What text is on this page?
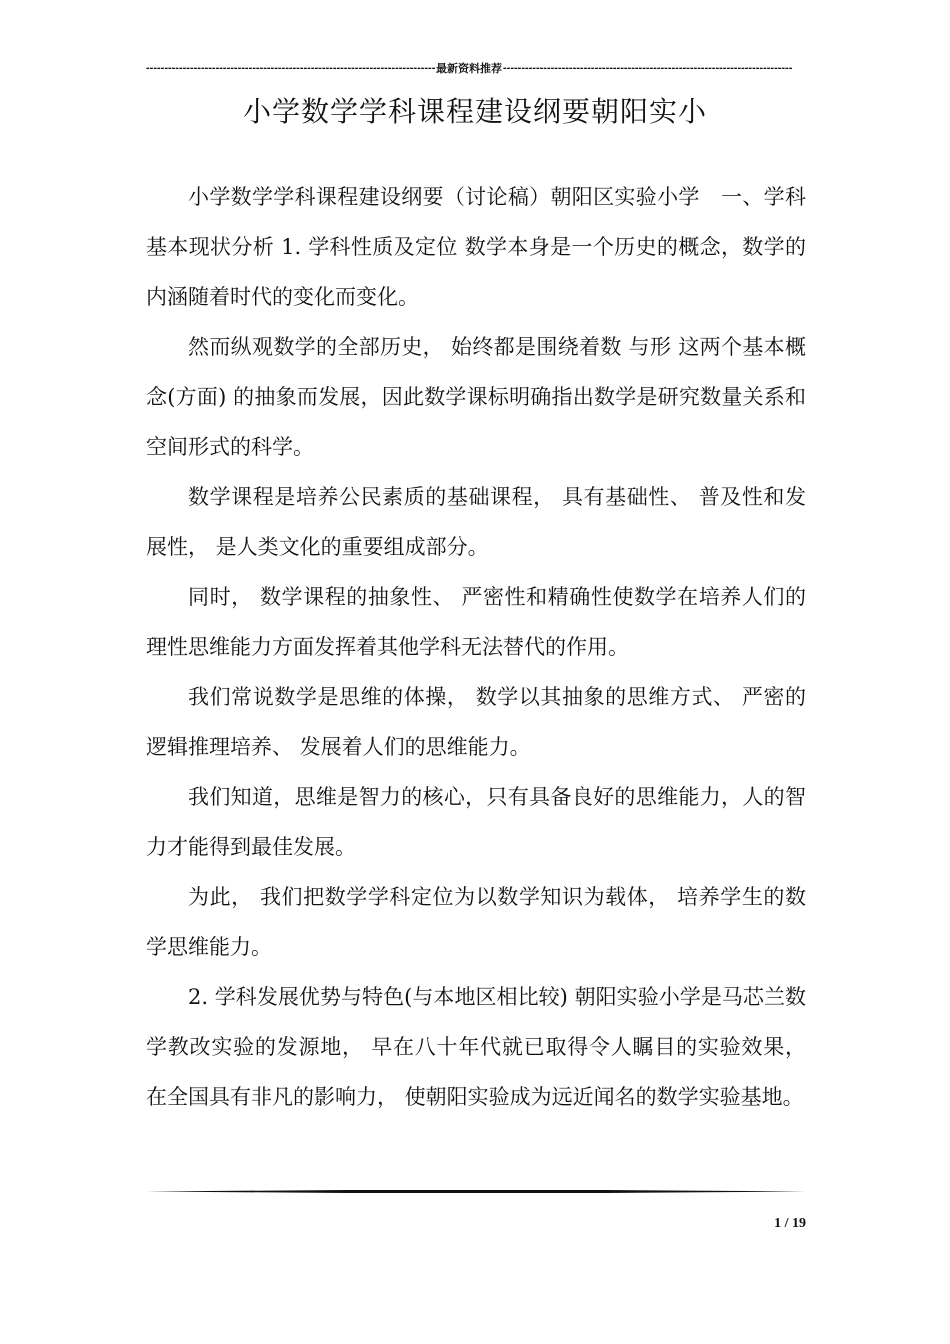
-----
最新资料推荐
-----
小学数学学科课程建设纲要朝阳实小

小学数学学科课程建设纲要（讨论稿）朝阳区实验小学　一、学科基本现状分析 1. 学科性质及定位 数学本身是一个历史的概念，数学的内涵随着时代的变化而变化。

然而纵观数学的全部历史， 始终都是围绕着数 与形 这两个基本概念(方面) 的抽象而发展，因此数学课标明确指出数学是研究数量关系和空间形式的科学。

数学课程是培养公民素质的基础课程， 具有基础性、 普及性和发展性， 是人类文化的重要组成部分。

同时， 数学课程的抽象性、 严密性和精确性使数学在培养人们的理性思维能力方面发挥着其他学科无法替代的作用。

我们常说数学是思维的体操， 数学以其抽象的思维方式、 严密的逻辑推理培养、 发展着人们的思维能力。

我们知道，思维是智力的核心，只有具备良好的思维能力，人的智力才能得到最佳发展。

为此， 我们把数学学科定位为以数学知识为载体， 培养学生的数学思维能力。

2. 学科发展优势与特色(与本地区相比较) 朝阳实验小学是马芯兰数学教改实验的发源地， 早在八十年代就已取得令人瞩目的实验效果， 在全国具有非凡的影响力， 使朝阳实验成为远近闻名的数学实验基地。

1 / 19
